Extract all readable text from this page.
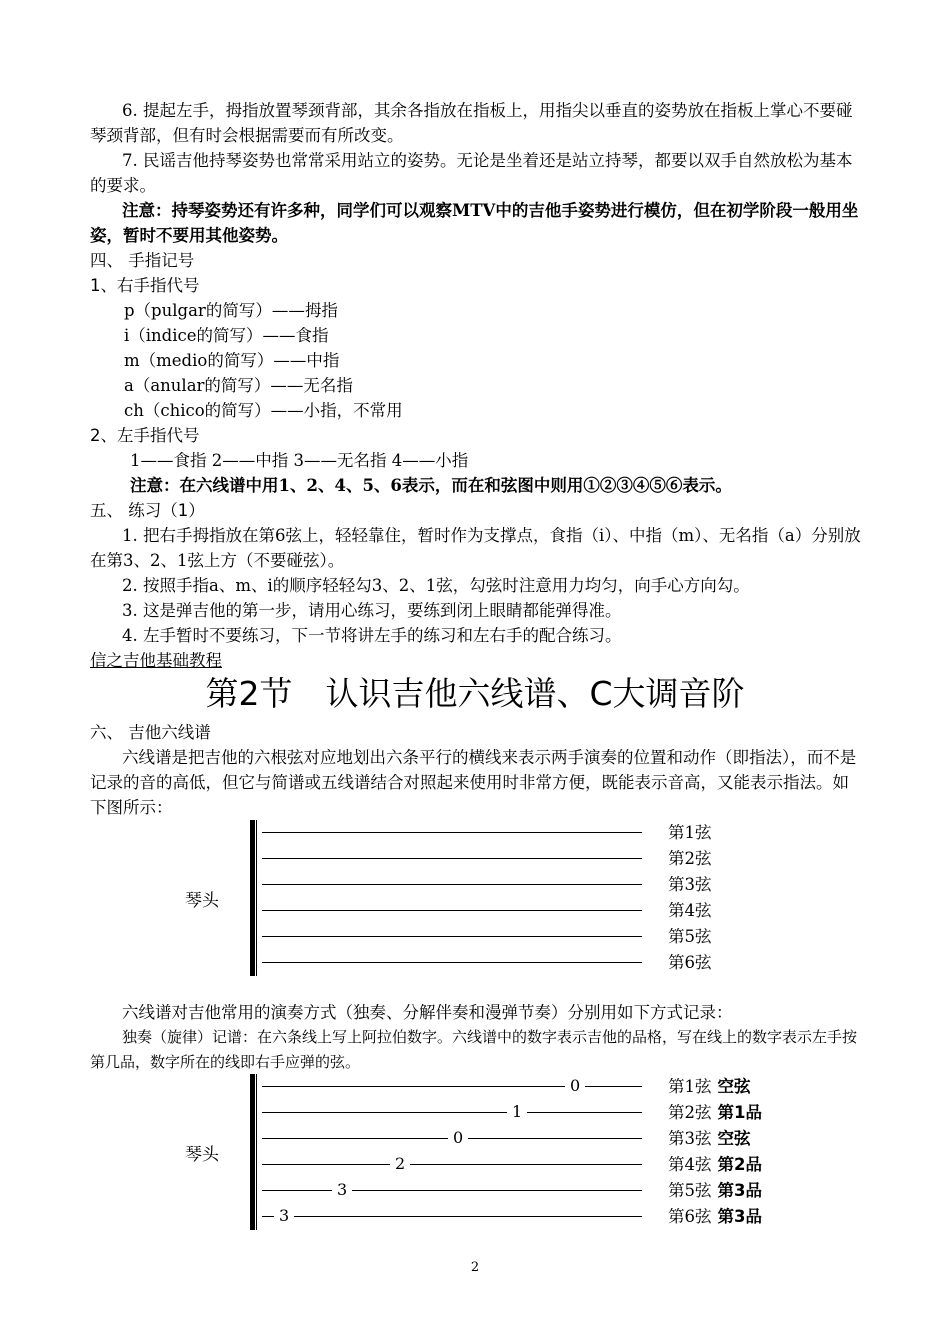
6. 提起左手，拇指放置琴颈背部，其余各指放在指板上，用指尖以垂直的姿势放在指板上掌心不要碰琴颈背部，但有时会根据需要而有所改变。

7. 民谣吉他持琴姿势也常常采用站立的姿势。无论是坐着还是站立持琴，都要以双手自然放松为基本的要求。

注意：持琴姿势还有许多种，同学们可以观察MTV中的吉他手姿势进行模仿，但在初学阶段一般用坐姿，暂时不要用其他姿势。

四、 手指记号

1、右手指代号

p（pulgar的简写）——拇指

i（indice的简写）——食指

m（medio的简写）——中指

a（anular的简写）——无名指

ch（chico的简写）——小指，不常用

2、左手指代号

1——食指 2——中指 3——无名指 4——小指

注意：在六线谱中用1、2、4、5、6表示，而在和弦图中则用①②③④⑤⑥表示。

五、 练习（1）

1. 把右手拇指放在第6弦上，轻轻靠住，暂时作为支撑点，食指（i）、中指（m）、无名指（a）分别放在第3、2、1弦上方（不要碰弦）。

2. 按照手指a、m、i的顺序轻轻勾3、2、1弦，勾弦时注意用力均匀，向手心方向勾。

3. 这是弹吉他的第一步，请用心练习，要练到闭上眼睛都能弹得准。

4. 左手暂时不要练习，下一节将讲左手的练习和左右手的配合练习。

信之吉他基础教程

第2节　认识吉他六线谱、C大调音阶

六、 吉他六线谱

六线谱是把吉他的六根弦对应地划出六条平行的横线来表示两手演奏的位置和动作（即指法），而不是记录的音的高低，但它与简谱或五线谱结合对照起来使用时非常方便，既能表示音高，又能表示指法。如下图所示：

琴头
第1弦
第2弦
第3弦
第4弦
第5弦
第6弦

六线谱对吉他常用的演奏方式（独奏、分解伴奏和漫弹节奏）分别用如下方式记录：

独奏（旋律）记谱：在六条线上写上阿拉伯数字。六线谱中的数字表示吉他的品格，写在线上的数字表示左手按第几品，数字所在的线即右手应弹的弦。

琴头
0	第1弦 空弦
1	第2弦 第1品
0	第3弦 空弦
2	第4弦 第2品
3	第5弦 第3品
3	第6弦 第3品
2
